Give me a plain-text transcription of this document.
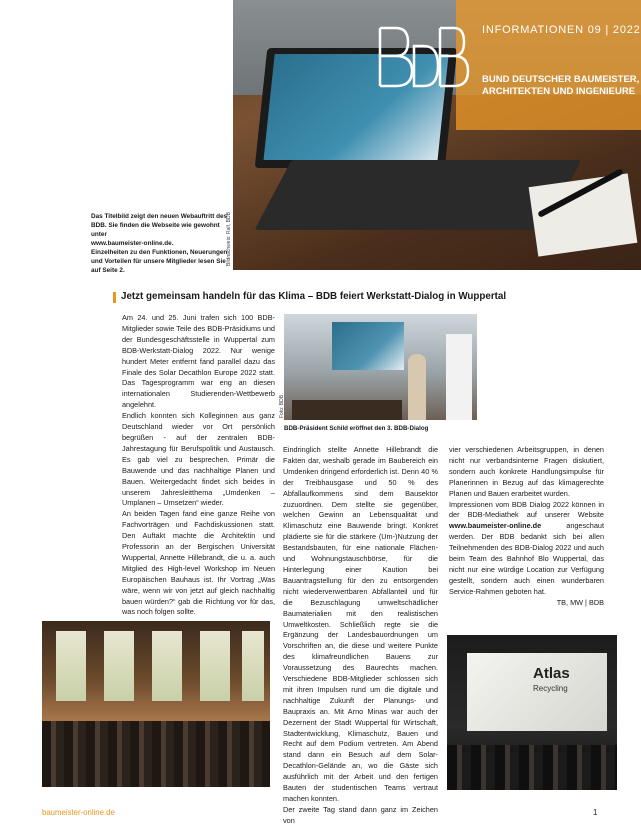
INFORMATIONEN 09 | 2022
BUND DEUTSCHER BAUMEISTER,
ARCHITEKTEN UND INGENIEURE
Bildnachweis: Ralf, BDB
Das Titelbild zeigt den neuen Webauftritt des
BDB. Sie finden die Webseite wie gewohnt unter
www.baumeister-online.de.
Einzelheiten zu den Funktionen, Neuerungen
und Vorteilen für unsere Mitglieder lesen Sie
auf Seite 2.
Jetzt gemeinsam handeln für das Klima – BDB feiert Werkstatt-Dialog in Wuppertal

Am 24. und 25. Juni trafen sich 100 BDB-Mitglieder sowie Teile des BDB-Präsidiums und der Bundesgeschäftsstelle in Wuppertal zum BDB-Werkstatt-Dialog 2022. Nur wenige hundert Meter entfernt fand parallel dazu das Finale des Solar Decathlon Europe 2022 statt. Das Tagesprogramm war eng an diesen internationalen Studierenden-Wettbewerb angelehnt.

Endlich konnten sich Kolleginnen aus ganz Deutschland wieder vor Ort persönlich begrüßen - auf der zentralen BDB-Jahrestagung für Berufspolitik und Austausch. Es gab viel zu besprechen. Primär die Bauwende und das nachhaltige Planen und Bauen. Weitergedacht findet sich beides in unserem Jahresleitthema „Umdenken – Umplanen – Umsetzen“ wieder.

An beiden Tagen fand eine ganze Reihe von Fachvorträgen und Fachdiskussionen statt. Den Auftakt machte die Architektin und Professorin an der Bergischen Universität Wuppertal, Annette Hillebrandt, die u. a. auch Mitglied des High-level Workshop im Neuen Europäischen Bauhaus ist. Ihr Vortrag „Was wäre, wenn wir von jetzt auf gleich nachhaltig bauen würden?“ gab die Richtung vor für das, was noch folgen sollte.

Foto: BDB
BDB-Präsident Schild eröffnet den 3. BDB-Dialog

Eindringlich stellte Annette Hillebrandt die Fakten dar, weshalb gerade im Baubereich ein Umdenken dringend erforderlich ist. Denn 40 % der Treibhausgase und 50 % des Abfallaufkommens sind dem Bausektor zuzuordnen. Dem stellte sie gegenüber, welchen Gewinn an Lebensqualität und Klimaschutz eine Bauwende bringt. Konkret plädierte sie für die stärkere (Um-)Nutzung der Bestandsbauten, für eine nationale Flächen- und Wohnungstauschbörse, für die Hinterlegung einer Kaution bei Bauantragstellung für den zu entsorgenden nicht wiederverwertbaren Abfallanteil und für die Bezuschlagung umweltschädlicher Baumaterialien mit den realistischen Umweltkosten. Schließlich regte sie die Ergänzung der Landesbauordnungen um Vorschriften an, die diese und weitere Punkte des klimafreundlichen Bauens zur Voraussetzung des Baurechts machen. Verschiedene BDB-Mitglieder schlossen sich mit ihren Impulsen rund um die digitale und nachhaltige Zukunft der Planungs- und Baupraxis an. Mit Arno Minas war auch der Dezernent der Stadt Wuppertal für Wirtschaft, Stadtentwicklung, Klimaschutz, Bauen und Recht auf dem Podium vertreten. Am Abend stand dann ein Besuch auf dem Solar-Decathlon-Gelände an, wo die Gäste sich ausführlich mit der Arbeit und den fertigen Bauten der studentischen Teams vertraut machen konnten.

Der zweite Tag stand dann ganz im Zeichen von

vier verschiedenen Arbeitsgruppen, in denen nicht nur verbandsinterne Fragen diskutiert, sondern auch konkrete Handlungsimpulse für Planerinnen in Bezug auf das klimagerechte Planen und Bauen erarbeitet wurden.

Impressionen vom BDB Dialog 2022 können in der BDB-Mediathek auf unserer Website www.baumeister-online.de angeschaut werden. Der BDB bedankt sich bei allen Teilnehmenden des BDB-Dialog 2022 und auch beim Team des Bahnhof Blo Wuppertal, das nicht nur eine würdige Location zur Verfügung gestellt, sondern auch einen wunderbaren Service-Rahmen geboten hat.

TB, MW | BDB

Atlas
Recycling
baumeister-online.de	1
